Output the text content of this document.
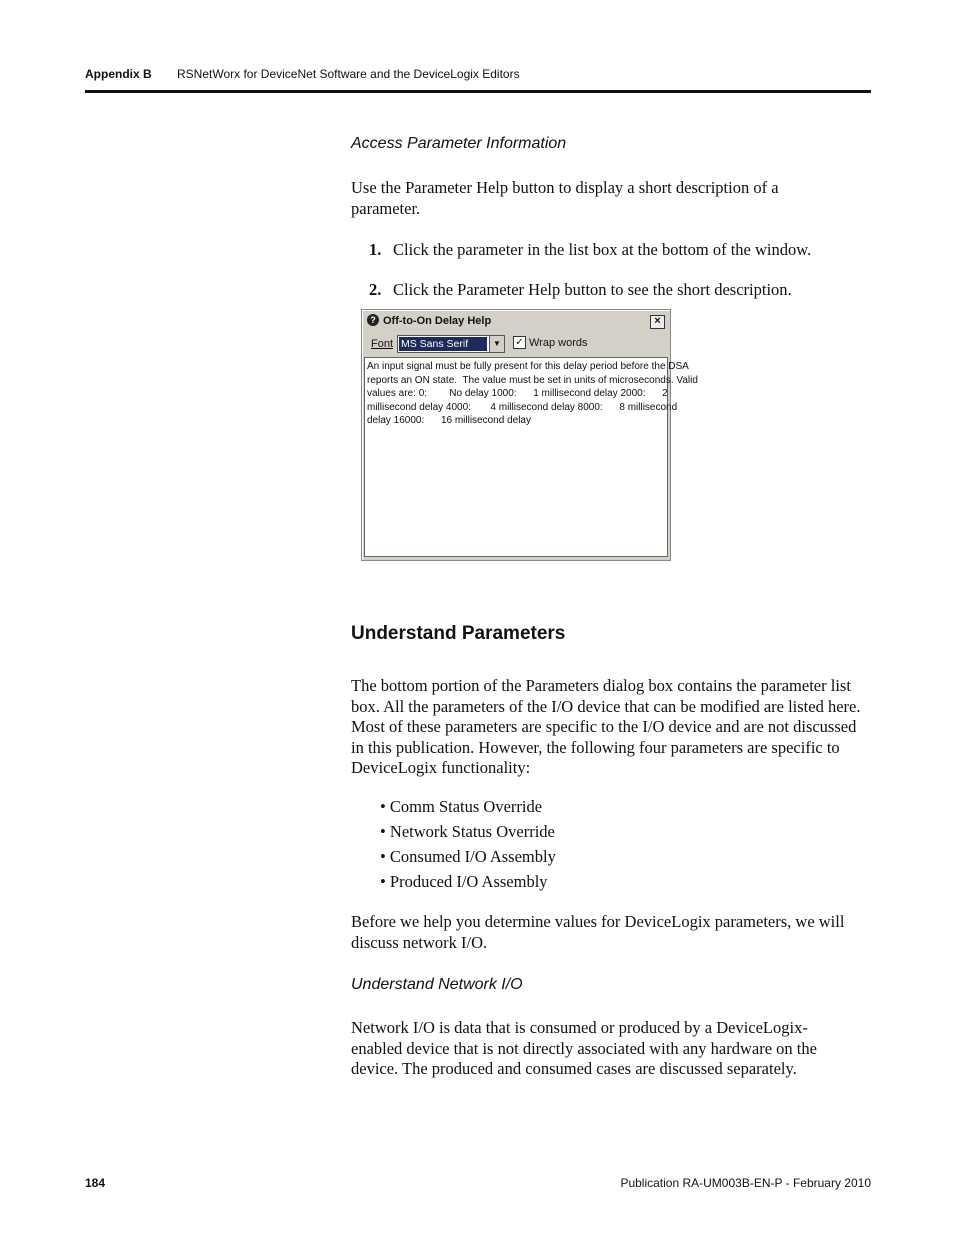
Appendix B RSNetWorx for DeviceNet Software and the DeviceLogix Editors
Access Parameter Information
Use the Parameter Help button to display a short description of a parameter.
1. Click the parameter in the list box at the bottom of the window.
2. Click the Parameter Help button to see the short description.
? Off-to-On Delay Help	×
Font MS Sans Serif	▼	✓ Wrap words
An input signal must be fully present for this delay period before the DSA
reports an ON state.  The value must be set in units of microseconds. Valid
values are: 0:        No delay 1000:      1 millisecond delay 2000:      2
millisecond delay 4000:       4 millisecond delay 8000:      8 millisecond
delay 16000:      16 millisecond delay
Understand Parameters
The bottom portion of the Parameters dialog box contains the parameter list box. All the parameters of the I/O device that can be modified are listed here. Most of these parameters are specific to the I/O device and are not discussed in this publication. However, the following four parameters are specific to DeviceLogix functionality:
• Comm Status Override
• Network Status Override
• Consumed I/O Assembly
• Produced I/O Assembly
Before we help you determine values for DeviceLogix parameters, we will discuss network I/O.
Understand Network I/O
Network I/O is data that is consumed or produced by a DeviceLogix-enabled device that is not directly associated with any hardware on the device. The produced and consumed cases are discussed separately.
184	Publication RA-UM003B-EN-P - February 2010
